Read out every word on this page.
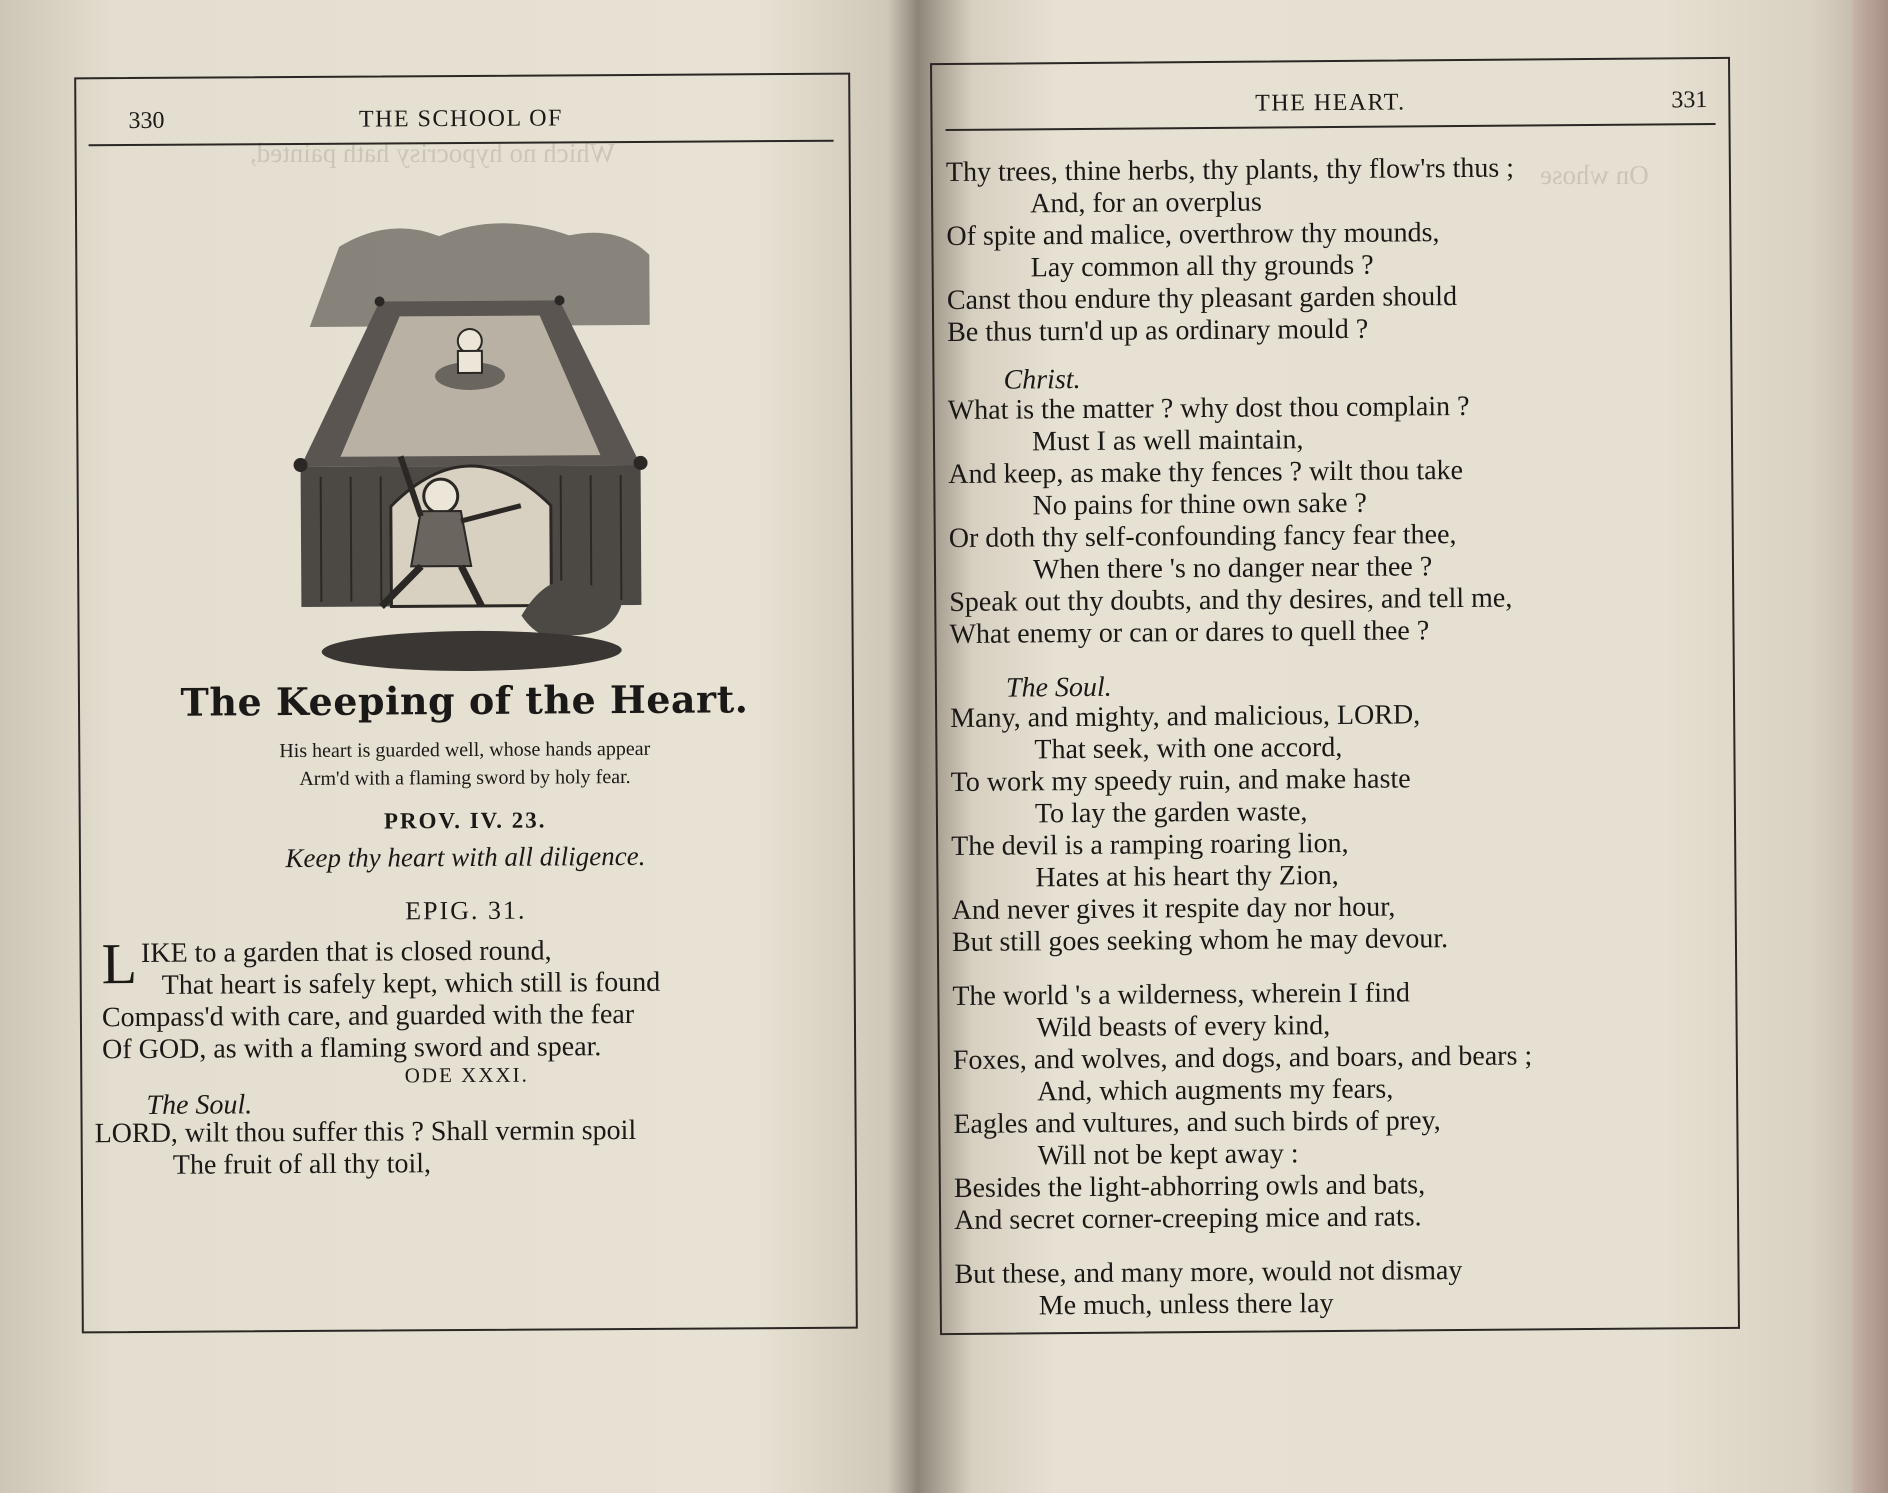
Which no hypocrisy hath painted,
On whose
330	THE SCHOOL OF
The Keeping of the Heart.
His heart is guarded well, whose hands appear
Arm'd with a flaming sword by holy fear.
PROV. IV. 23.
Keep thy heart with all diligence.
EPIG. 31.
LIKE to a garden that is closed round,
That heart is safely kept, which still is found
Compass'd with care, and guarded with the fear
Of GOD, as with a flaming sword and spear.
ODE XXXI.
The Soul.
LORD, wilt thou suffer this ? Shall vermin spoil
The fruit of all thy toil,
THE HEART.	331
Thy trees, thine herbs, thy plants, thy flow'rs thus ;
And, for an overplus
Of spite and malice, overthrow thy mounds,
Lay common all thy grounds ?
Canst thou endure thy pleasant garden should
Be thus turn'd up as ordinary mould ?
Christ.
What is the matter ? why dost thou complain ?
Must I as well maintain,
And keep, as make thy fences ? wilt thou take
No pains for thine own sake ?
Or doth thy self-confounding fancy fear thee,
When there 's no danger near thee ?
Speak out thy doubts, and thy desires, and tell me,
What enemy or can or dares to quell thee ?
The Soul.
Many, and mighty, and malicious, LORD,
That seek, with one accord,
To work my speedy ruin, and make haste
To lay the garden waste,
The devil is a ramping roaring lion,
Hates at his heart thy Zion,
And never gives it respite day nor hour,
But still goes seeking whom he may devour.
The world 's a wilderness, wherein I find
Wild beasts of every kind,
Foxes, and wolves, and dogs, and boars, and bears ;
And, which augments my fears,
Eagles and vultures, and such birds of prey,
Will not be kept away :
Besides the light-abhorring owls and bats,
And secret corner-creeping mice and rats.
But these, and many more, would not dismay
Me much, unless there lay
